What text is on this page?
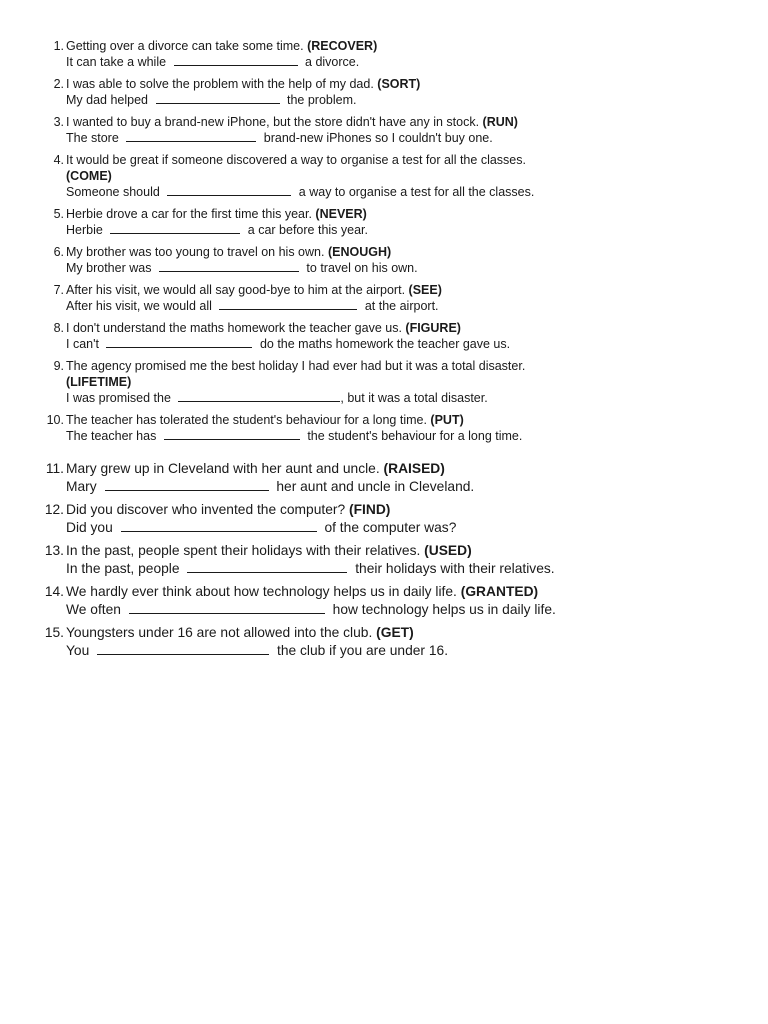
1. Getting over a divorce can take some time. (RECOVER)
It can take a while	a divorce.
2. I was able to solve the problem with the help of my dad. (SORT)
My dad helped	the problem.
3. I wanted to buy a brand-new iPhone, but the store didn't have any in stock. (RUN)
The store	brand-new iPhones so I couldn't buy one.
4. It would be great if someone discovered a way to organise a test for all the classes.
(COME)
Someone should	a way to organise a test for all the classes.
5. Herbie drove a car for the first time this year. (NEVER)
Herbie	a car before this year.
6. My brother was too young to travel on his own. (ENOUGH)
My brother was	to travel on his own.
7. After his visit, we would all say good-bye to him at the airport. (SEE)
After his visit, we would all	at the airport.
8. I don't understand the maths homework the teacher gave us. (FIGURE)
I can't	do the maths homework the teacher gave us.
9. The agency promised me the best holiday I had ever had but it was a total disaster.
(LIFETIME)
I was promised the	, but it was a total disaster.
10. The teacher has tolerated the student's behaviour for a long time. (PUT)
The teacher has	the student's behaviour for a long time.
11. Mary grew up in Cleveland with her aunt and uncle. (RAISED)
Mary	her aunt and uncle in Cleveland.
12. Did you discover who invented the computer? (FIND)
Did you	of the computer was?
13. In the past, people spent their holidays with their relatives. (USED)
In the past, people	their holidays with their relatives.
14. We hardly ever think about how technology helps us in daily life. (GRANTED)
We often	how technology helps us in daily life.
15. Youngsters under 16 are not allowed into the club. (GET)
You	the club if you are under 16.
